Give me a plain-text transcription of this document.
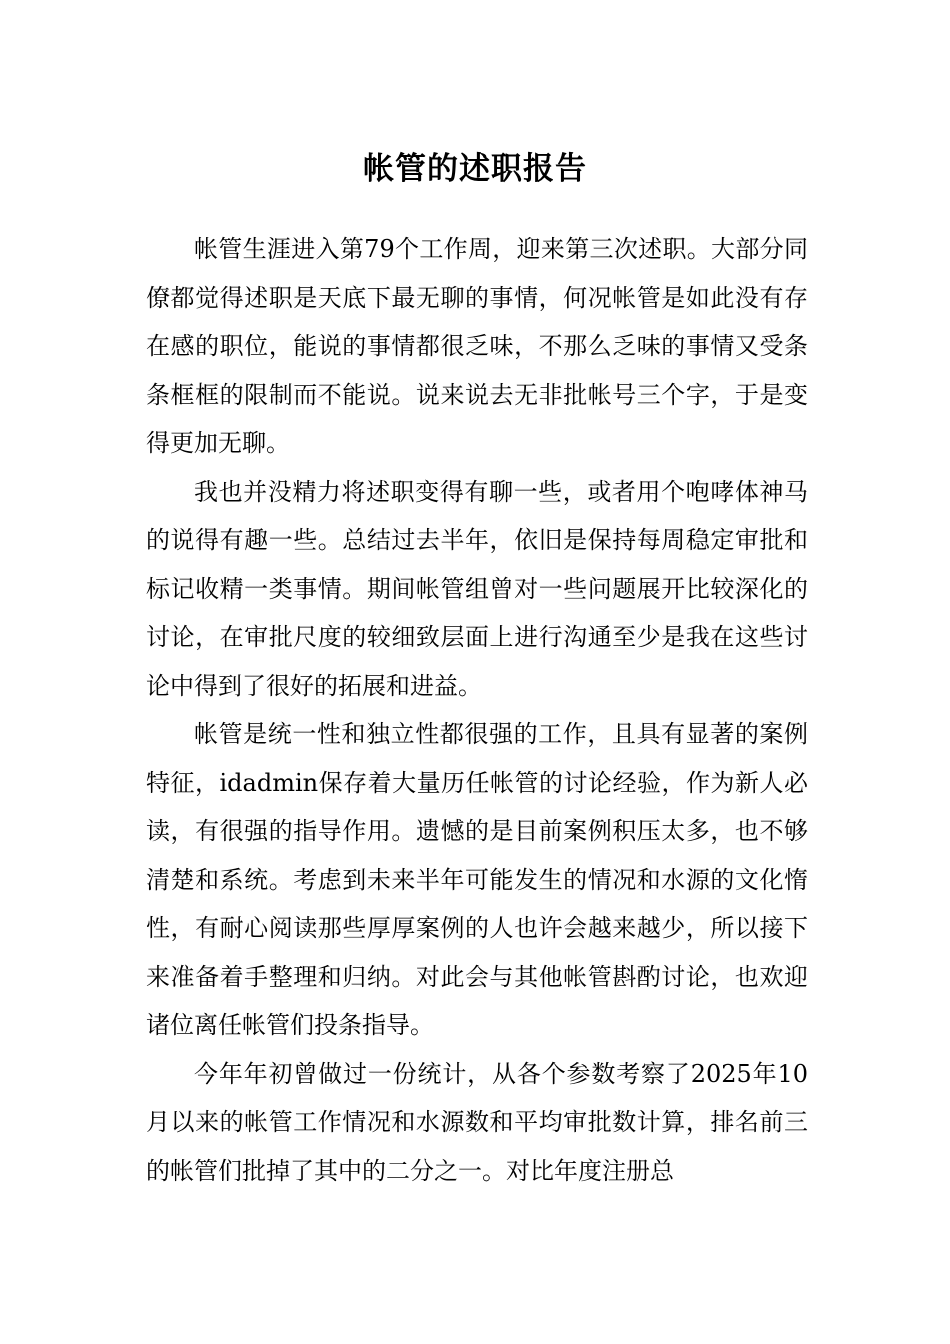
帐管的述职报告

帐管生涯进入第79个工作周，迎来第三次述职。大部分同僚都觉得述职是天底下最无聊的事情，何况帐管是如此没有存在感的职位，能说的事情都很乏味，不那么乏味的事情又受条条框框的限制而不能说。说来说去无非批帐号三个字，于是变得更加无聊。

我也并没精力将述职变得有聊一些，或者用个咆哮体神马的说得有趣一些。总结过去半年，依旧是保持每周稳定审批和标记收精一类事情。期间帐管组曾对一些问题展开比较深化的讨论，在审批尺度的较细致层面上进行沟通至少是我在这些讨论中得到了很好的拓展和进益。

帐管是统一性和独立性都很强的工作，且具有显著的案例特征，idadmin保存着大量历任帐管的讨论经验，作为新人必读，有很强的指导作用。遗憾的是目前案例积压太多，也不够清楚和系统。考虑到未来半年可能发生的情况和水源的文化惰性，有耐心阅读那些厚厚案例的人也许会越来越少，所以接下来准备着手整理和归纳。对此会与其他帐管斟酌讨论，也欢迎诸位离任帐管们投条指导。

今年年初曾做过一份统计，从各个参数考察了2025年10月以来的帐管工作情况和水源数和平均审批数计算，排名前三的帐管们批掉了其中的二分之一。对比年度注册总
